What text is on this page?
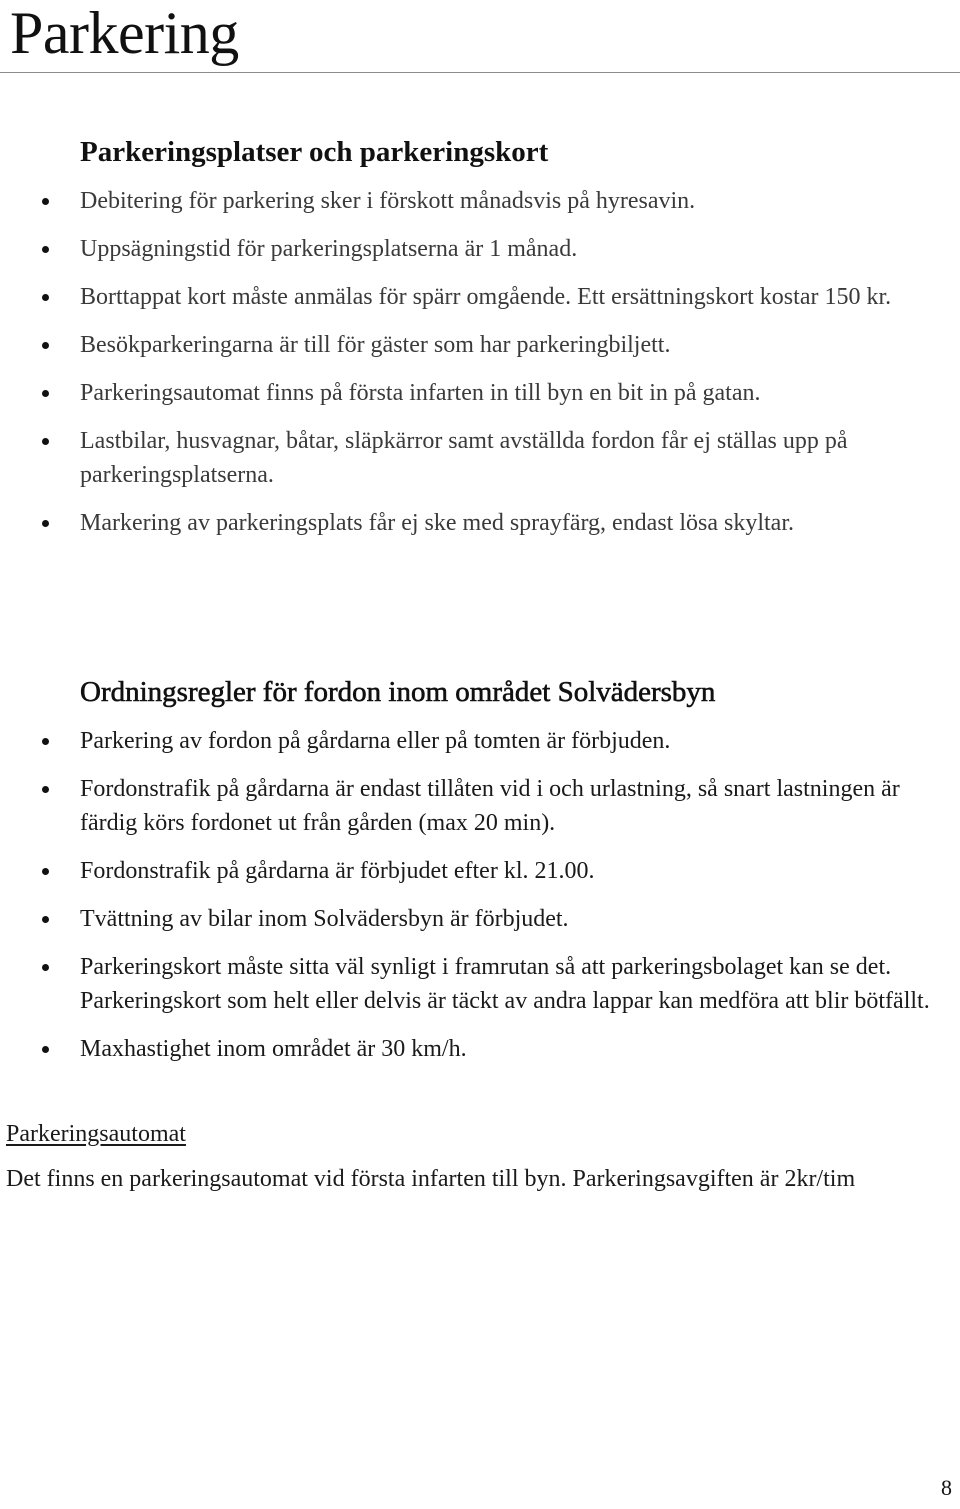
Parkering
Parkeringsplatser och parkeringskort
Debitering för parkering sker i förskott månadsvis på hyresavin.
Uppsägningstid för parkeringsplatserna är 1 månad.
Borttappat kort måste anmälas för spärr omgående. Ett ersättningskort kostar 150 kr.
Besökparkeringarna är till för gäster som har parkeringbiljett.
Parkeringsautomat finns på första infarten in till byn en bit in på gatan.
Lastbilar, husvagnar, båtar, släpkärror samt avställda fordon får ej ställas upp på parkeringsplatserna.
Markering av parkeringsplats får ej ske med sprayfärg, endast lösa skyltar.
Ordningsregler för fordon inom området Solvädersbyn
Parkering av fordon på gårdarna eller på tomten är förbjuden.
Fordonstrafik på gårdarna är endast tillåten vid i och urlastning, så snart lastningen är färdig körs fordonet ut från gården (max 20 min).
Fordonstrafik på gårdarna är förbjudet efter kl. 21.00.
Tvättning av bilar inom Solvädersbyn är förbjudet.
Parkeringskort måste sitta väl synligt i framrutan så att parkeringsbolaget kan se det. Parkeringskort som helt eller delvis är täckt av andra lappar kan medföra att blir bötfällt.
Maxhastighet inom området är 30 km/h.
Parkeringsautomat

Det finns en parkeringsautomat vid första infarten till byn. Parkeringsavgiften är 2kr/tim

8
